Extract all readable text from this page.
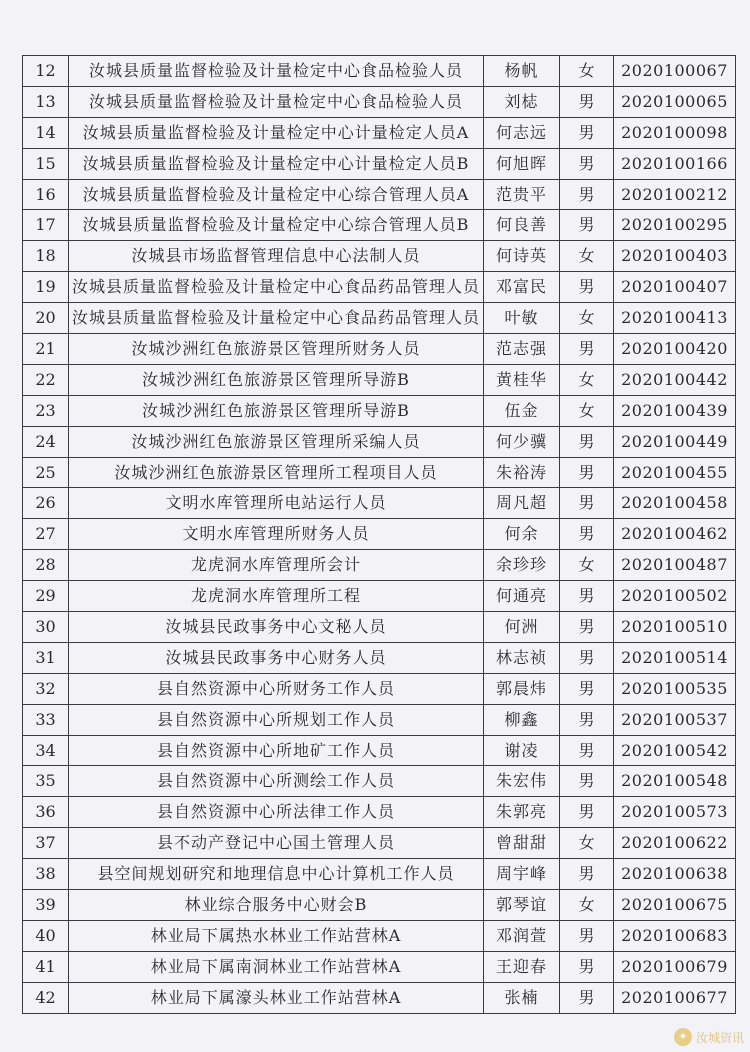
12	汝城县质量监督检验及计量检定中心食品检验人员	杨帆	女	2020100067
13	汝城县质量监督检验及计量检定中心食品检验人员	刘梽	男	2020100065
14	汝城县质量监督检验及计量检定中心计量检定人员A	何志远	男	2020100098
15	汝城县质量监督检验及计量检定中心计量检定人员B	何旭晖	男	2020100166
16	汝城县质量监督检验及计量检定中心综合管理人员A	范贵平	男	2020100212
17	汝城县质量监督检验及计量检定中心综合管理人员B	何良善	男	2020100295
18	汝城县市场监督管理信息中心法制人员	何诗英	女	2020100403
19	汝城县质量监督检验及计量检定中心食品药品管理人员	邓富民	男	2020100407
20	汝城县质量监督检验及计量检定中心食品药品管理人员	叶敏	女	2020100413
21	汝城沙洲红色旅游景区管理所财务人员	范志强	男	2020100420
22	汝城沙洲红色旅游景区管理所导游B	黄桂华	女	2020100442
23	汝城沙洲红色旅游景区管理所导游B	伍金	女	2020100439
24	汝城沙洲红色旅游景区管理所采编人员	何少骥	男	2020100449
25	汝城沙洲红色旅游景区管理所工程项目人员	朱裕涛	男	2020100455
26	文明水库管理所电站运行人员	周凡超	男	2020100458
27	文明水库管理所财务人员	何余	男	2020100462
28	龙虎洞水库管理所会计	余珍珍	女	2020100487
29	龙虎洞水库管理所工程	何通亮	男	2020100502
30	汝城县民政事务中心文秘人员	何洲	男	2020100510
31	汝城县民政事务中心财务人员	林志祯	男	2020100514
32	县自然资源中心所财务工作人员	郭晨炜	男	2020100535
33	县自然资源中心所规划工作人员	柳鑫	男	2020100537
34	县自然资源中心所地矿工作人员	谢凌	男	2020100542
35	县自然资源中心所测绘工作人员	朱宏伟	男	2020100548
36	县自然资源中心所法律工作人员	朱郭亮	男	2020100573
37	县不动产登记中心国土管理人员	曾甜甜	女	2020100622
38	县空间规划研究和地理信息中心计算机工作人员	周宇峰	男	2020100638
39	林业综合服务中心财会B	郭琴谊	女	2020100675
40	林业局下属热水林业工作站营林A	邓润萱	男	2020100683
41	林业局下属南洞林业工作站营林A	王迎春	男	2020100679
42	林业局下属濠头林业工作站营林A	张楠	男	2020100677
✦ 汝城资讯
